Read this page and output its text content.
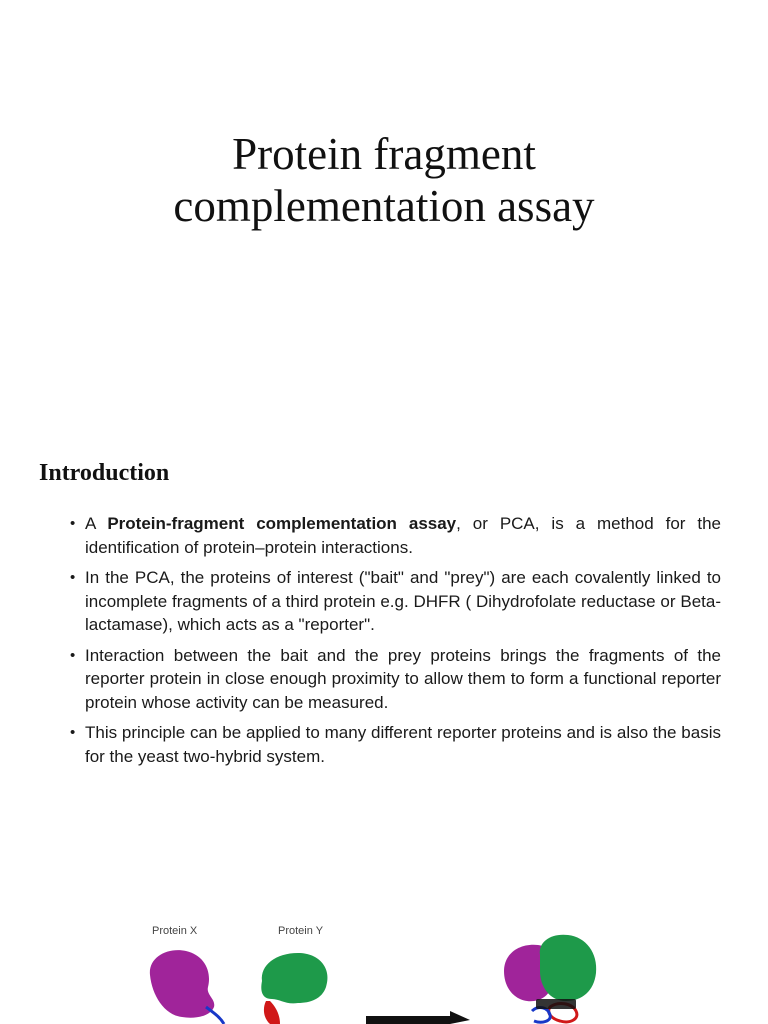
Protein fragment
complementation assay
Introduction
• A Protein-fragment complementation assay, or PCA, is a method for the identification of protein–protein interactions.
• In the PCA, the proteins of interest ("bait" and "prey") are each covalently linked to incomplete fragments of a third protein e.g. DHFR ( Dihydrofolate reductase or Beta-lactamase), which acts as a "reporter".
• Interaction between the bait and the prey proteins brings the fragments of the reporter protein in close enough proximity to allow them to form a functional reporter protein whose activity can be measured.
• This principle can be applied to many different reporter proteins and is also the basis for the yeast two-hybrid system.
Protein X	Protein Y
